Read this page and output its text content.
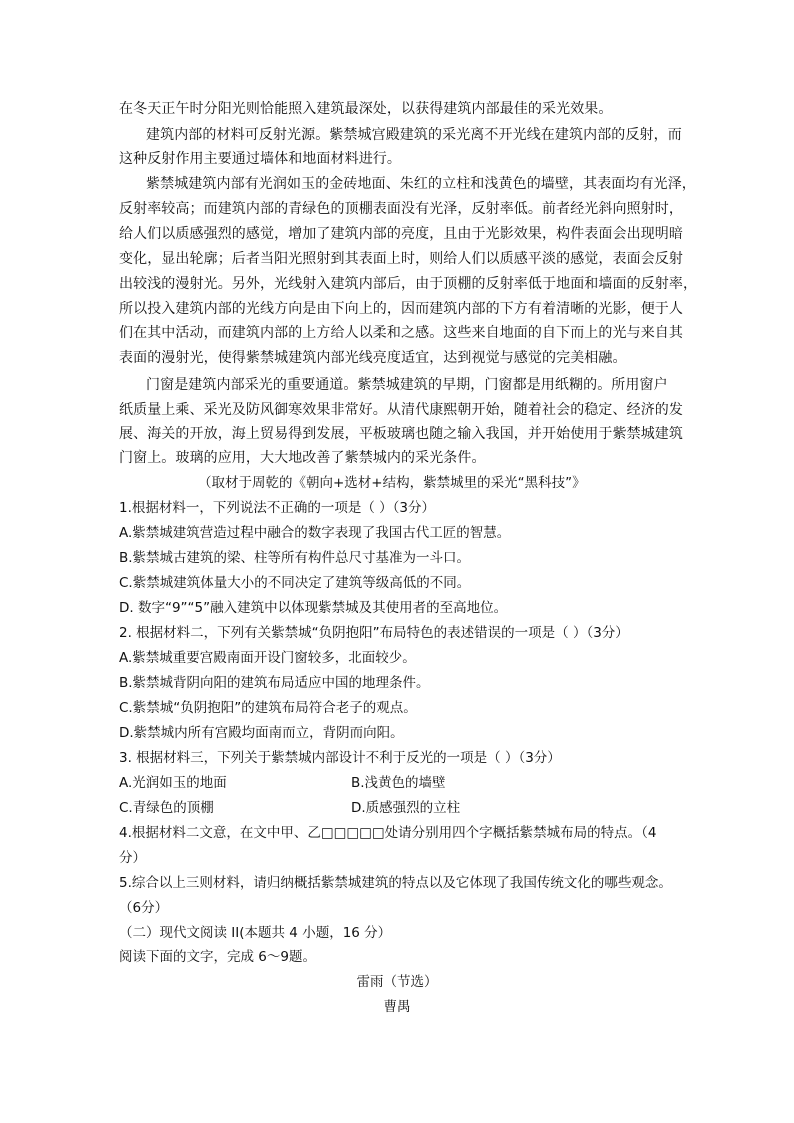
在冬天正午时分阳光则恰能照入建筑最深处，以获得建筑内部最佳的采光效果。
建筑内部的材料可反射光源。紫禁城宫殿建筑的采光离不开光线在建筑内部的反射，而
这种反射作用主要通过墙体和地面材料进行。
紫禁城建筑内部有光润如玉的金砖地面、朱红的立柱和浅黄色的墙壁，其表面均有光泽，
反射率较高；而建筑内部的青绿色的顶棚表面没有光泽，反射率低。前者经光斜向照射时，
给人们以质感强烈的感觉，增加了建筑内部的亮度，且由于光影效果，构件表面会出现明暗
变化，显出轮廓；后者当阳光照射到其表面上时，则给人们以质感平淡的感觉，表面会反射
出较浅的漫射光。另外，光线射入建筑内部后，由于顶棚的反射率低于地面和墙面的反射率，
所以投入建筑内部的光线方向是由下向上的，因而建筑内部的下方有着清晰的光影，便于人
们在其中活动，而建筑内部的上方给人以柔和之感。这些来自地面的自下而上的光与来自其
表面的漫射光，使得紫禁城建筑内部光线亮度适宜，达到视觉与感觉的完美相融。
门窗是建筑内部采光的重要通道。紫禁城建筑的早期，门窗都是用纸糊的。所用窗户
纸质量上乘、采光及防风御寒效果非常好。从清代康熙朝开始，随着社会的稳定、经济的发
展、海关的开放，海上贸易得到发展，平板玻璃也随之输入我国，并开始使用于紫禁城建筑
门窗上。玻璃的应用，大大地改善了紫禁城内的采光条件。
（取材于周乾的《朝向+选材+结构，紫禁城里的采光“黑科技”》
1.根据材料一，下列说法不正确的一项是（ ）（3分）
A.紫禁城建筑营造过程中融合的数字表现了我国古代工匠的智慧。
B.紫禁城古建筑的梁、柱等所有构件总尺寸基准为一斗口。
C.紫禁城建筑体量大小的不同决定了建筑等级高低的不同。
D. 数字“9”“5”融入建筑中以体现紫禁城及其使用者的至高地位。
2. 根据材料二，下列有关紫禁城“负阴抱阳”布局特色的表述错误的一项是（ ）（3分）
A.紫禁城重要宫殿南面开设门窗较多，北面较少。
B.紫禁城背阴向阳的建筑布局适应中国的地理条件。
C.紫禁城“负阴抱阳”的建筑布局符合老子的观点。
D.紫禁城内所有宫殿均面南而立，背阴而向阳。
3. 根据材料三，下列关于紫禁城内部设计不利于反光的一项是（ ）（3分）
A.光润如玉的地面	B.浅黄色的墙壁
C.青绿色的顶棚	D.质感强烈的立柱
4.根据材料二文意，在文中甲、乙□□□□□处请分别用四个字概括紫禁城布局的特点。（4
分）
5.综合以上三则材料，请归纳概括紫禁城建筑的特点以及它体现了我国传统文化的哪些观念。
（6分）
（二）现代文阅读 II(本题共 4 小题，16 分）
阅读下面的文字，完成 6～9题。
雷雨（节选）
曹禺
